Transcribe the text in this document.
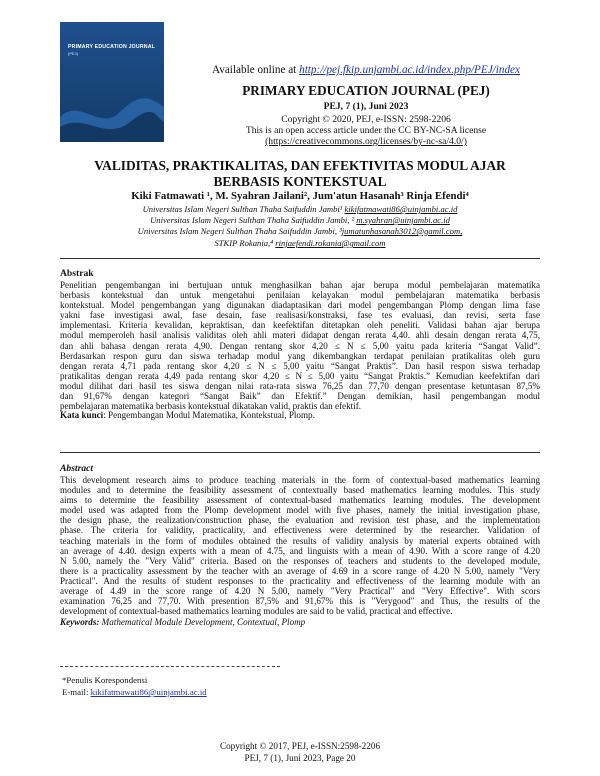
PRIMARY EDUCATION JOURNAL
(PEJ)
Available online at http://pej.fkip.unjambi.ac.id/index.php/PEJ/index
PRIMARY EDUCATION JOURNAL (PEJ)
PEJ, 7 (1), Juni 2023
Copyright © 2020, PEJ, e-ISSN: 2598-2206
This is an open access article under the CC BY-NC-SA license
(https://creativecommons.org/licenses/by-nc-sa/4.0/)
VALIDITAS, PRAKTIKALITAS, DAN EFEKTIVITAS MODUL AJAR
BERBASIS KONTEKSTUAL
Kiki Fatmawati ¹, M. Syahran Jailani², Jum'atun Hasanah³ Rinja Efendi⁴
Universitas Islam Negeri Sulthan Thaha Saifuddin Jambi¹ kikifatmawati86@uinjambi.ac.id
Universitas Islam Negeri Sulthan Thaha Saifuddin Jambi, ² m.syahran@uinjambi.ac.id
Universitas Islam Negeri Sulthan Thaha Saifuddin Jambi, ³jumatunhasanah3012@gamil.com,
STKIP Rokania,⁴ rinjaefendi.rokania@gmail.com
Abstrak
Penelitian pengembangan ini bertujuan untuk menghasilkan bahan ajar berupa modul pembelajaran matematika
berbasis kontekstual dan untuk mengetahui penilaian kelayakan modul pembelajaran matematika berbasis
kontekstual. Model pengembangan yang digunakan diadaptasikan dari model pengembangan Plomp dengan lima fase
yakni fase investigasi awal, fase desain, fase realisasi/konstraksi, fase tes evaluasi, dan revisi, serta fase
implementasi. Kriteria kevalidan, kepraktisan, dan keefektifan ditetapkan oleh peneliti. Validasi bahan ajar berupa
modul memperoleh hasil analisis validitas oleh ahli materi didapat dengan rerata 4,40. ahli desain dengan rerata 4,75,
dan ahli bahasa dengan rerata 4,90. Dengan rentang skor 4,20 ≤ N ≤ 5,00 yaitu pada kriteria “Sangat Valid”.
Berdasarkan respon guru dan siswa terhadap modul yang dikembangkan terdapat penilaian pratikalitas oleh guru
dengan rerata 4,71 pada rentang skor 4,20 ≤ N ≤ 5,00 yaitu “Sangat Praktis”. Dan hasil respon siswa terhadap
pratikalitas dengan rerata 4,49 pada rentang skor 4,20 ≤ N ≤ 5,00 yaitu “Sangat Praktis.” Kemudian keefektifan dari
modul dilihat dari hasil tes siswa dengan nilai rata-rata siswa 76,25 dan 77,70 dengan presentase ketuntasan 87,5%
dan 91,67% dengan kategori “Sangat Baik” dan Efektif.” Dengan demikian, hasil pengembangan modul
pembelajaran matematika berbasis kontekstual dikatakan valid, praktis dan efektif.
Kata kunci: Pengembangan Modul Matematika, Kontekstual, Plomp.
Abstract
This development research aims to produce teaching materials in the form of contextual-based mathematics learning
modules and to determine the feasibility assessment of contextually based mathematics learning modules. This study
aims to determine the feasibility assessment of contextual-based mathematics learning modules. The development
model used was adapted from the Plomp development model with five phases, namely the initial investigation phase,
the design phase, the realization/construction phase, the evaluation and revision test phase, and the implementation
phase. The criteria for validity, practicality, and effectiveness were determined by the researcher. Validation of
teaching materials in the form of modules obtained the results of validity analysis by material experts obtained with
an average of 4.40. design experts with a mean of 4.75, and linguists with a mean of 4.90. With a score range of 4.20
N 5.00, namely the "Very Valid" criteria. Based on the responses of teachers and students to the developed module,
there is a practicality assessment by the teacher with an average of 4.69 in a score range of 4.20 N 5.00, namely "Very
Practical". And the results of student responses to the practicality and effectiveness of the learning module with an
average of 4.49 in the score range of 4.20 N 5.00, namely "Very Practical" and "Very Effective". With scors
examination 76,25 and 77,70. With presention 87,5% and 91,67% this is "Verygood" and Thus, the results of the
development of contextual-based mathematics learning modules are said to be valid, practical and effective.
Keywords: Mathematical Module Development, Contextual, Plomp
*Penulis Korespondensi
E-mail: kikifatmawati86@uinjambi.ac.id
Copyright © 2017, PEJ, e-ISSN:2598-2206
PEJ, 7 (1), Juni 2023, Page 20
